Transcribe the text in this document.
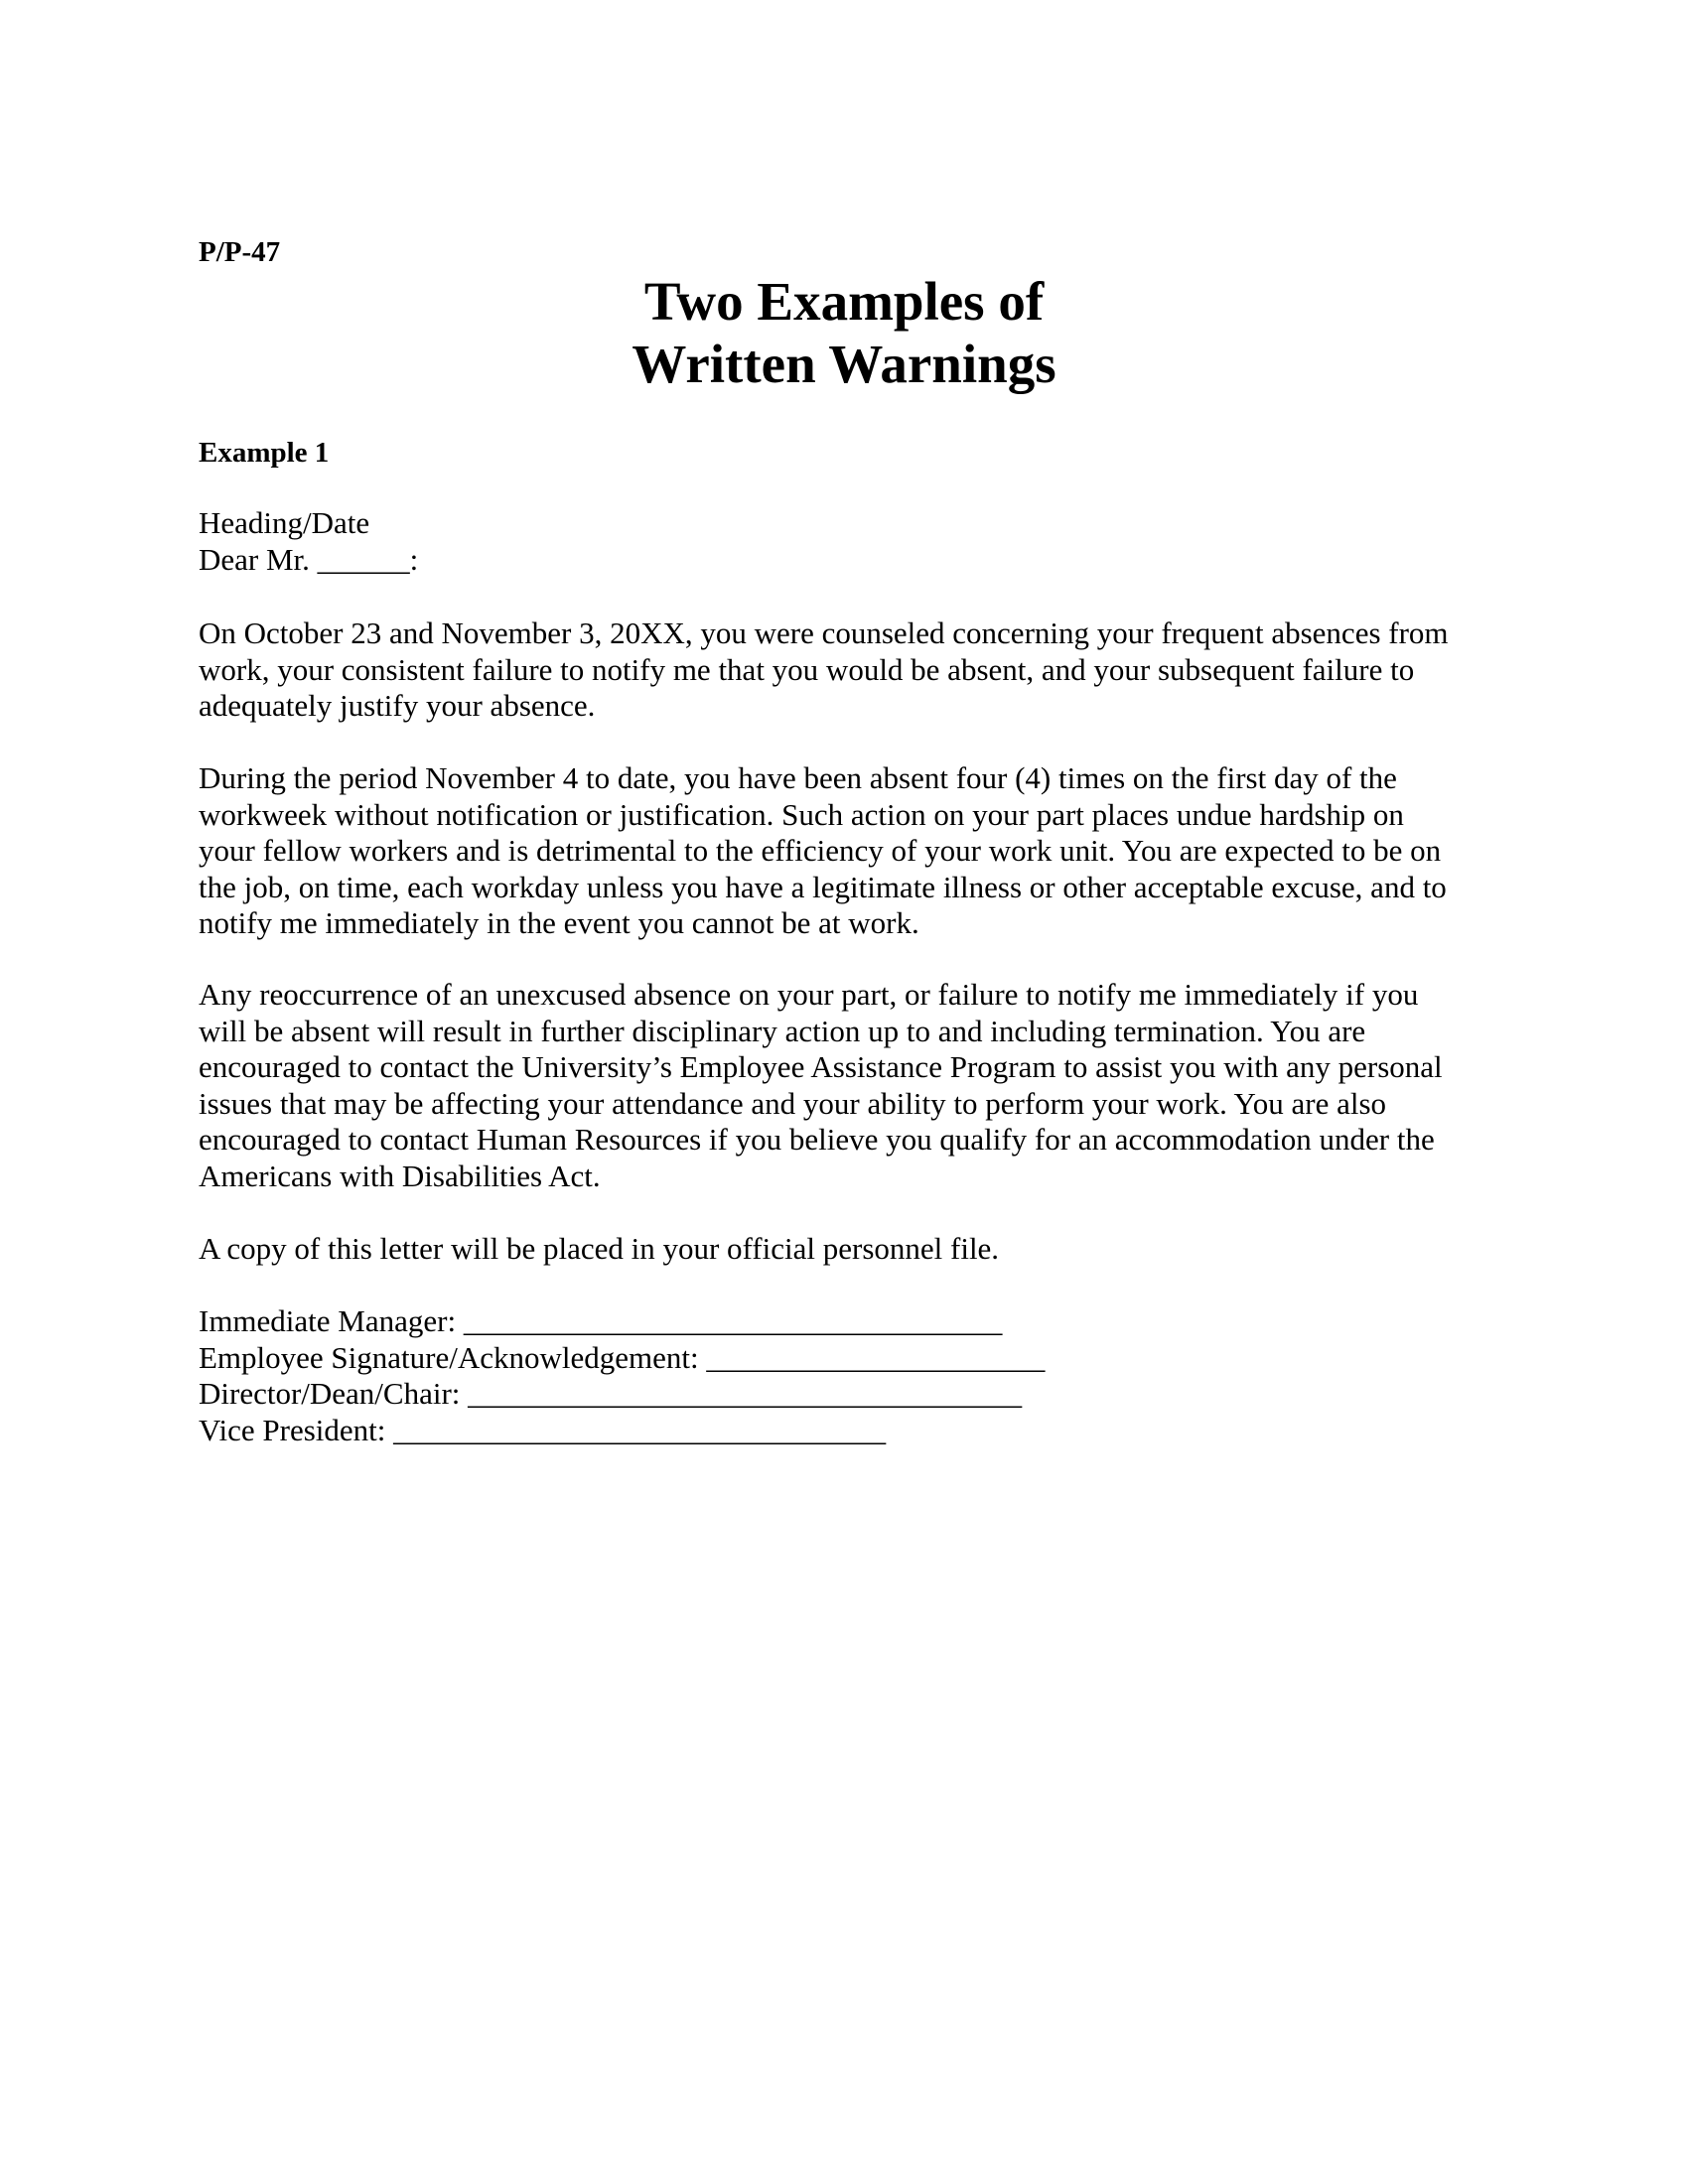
P/P-47
Two Examples of
Written Warnings
Example 1
Heading/Date
Dear Mr. ______:
On October 23 and November 3, 20XX, you were counseled concerning your frequent absences from
work, your consistent failure to notify me that you would be absent, and your subsequent failure to
adequately justify your absence.
During the period November 4 to date, you have been absent four (4) times on the first day of the
workweek without notification or justification. Such action on your part places undue hardship on
your fellow workers and is detrimental to the efficiency of your work unit. You are expected to be on
the job, on time, each workday unless you have a legitimate illness or other acceptable excuse, and to
notify me immediately in the event you cannot be at work.
Any reoccurrence of an unexcused absence on your part, or failure to notify me immediately if you
will be absent will result in further disciplinary action up to and including termination. You are
encouraged to contact the University’s Employee Assistance Program to assist you with any personal
issues that may be affecting your attendance and your ability to perform your work. You are also
encouraged to contact Human Resources if you believe you qualify for an accommodation under the
Americans with Disabilities Act.
A copy of this letter will be placed in your official personnel file.
Immediate Manager: ___________________________________
Employee Signature/Acknowledgement: ______________________
Director/Dean/Chair: ____________________________________
Vice President: ________________________________
